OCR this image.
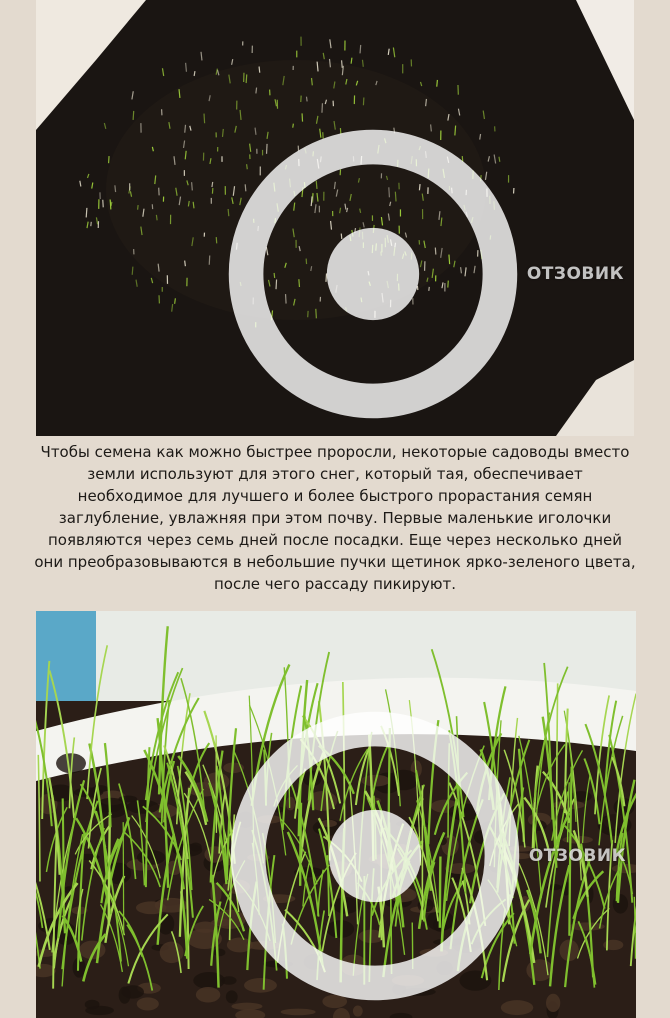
ОТЗОВИК
Чтобы семена как можно быстрее проросли, некоторые садоводы вместо
земли используют для этого снег, который тая, обеспечивает
необходимое для лучшего и более быстрого прорастания семян
заглубление, увлажняя при этом почву. Первые маленькие иголочки
появляются через семь дней после посадки. Еще через несколько дней
они преобразовываются в небольшие пучки щетинок ярко-зеленого цвета,
после чего рассаду пикируют.
ОТЗОВИК
